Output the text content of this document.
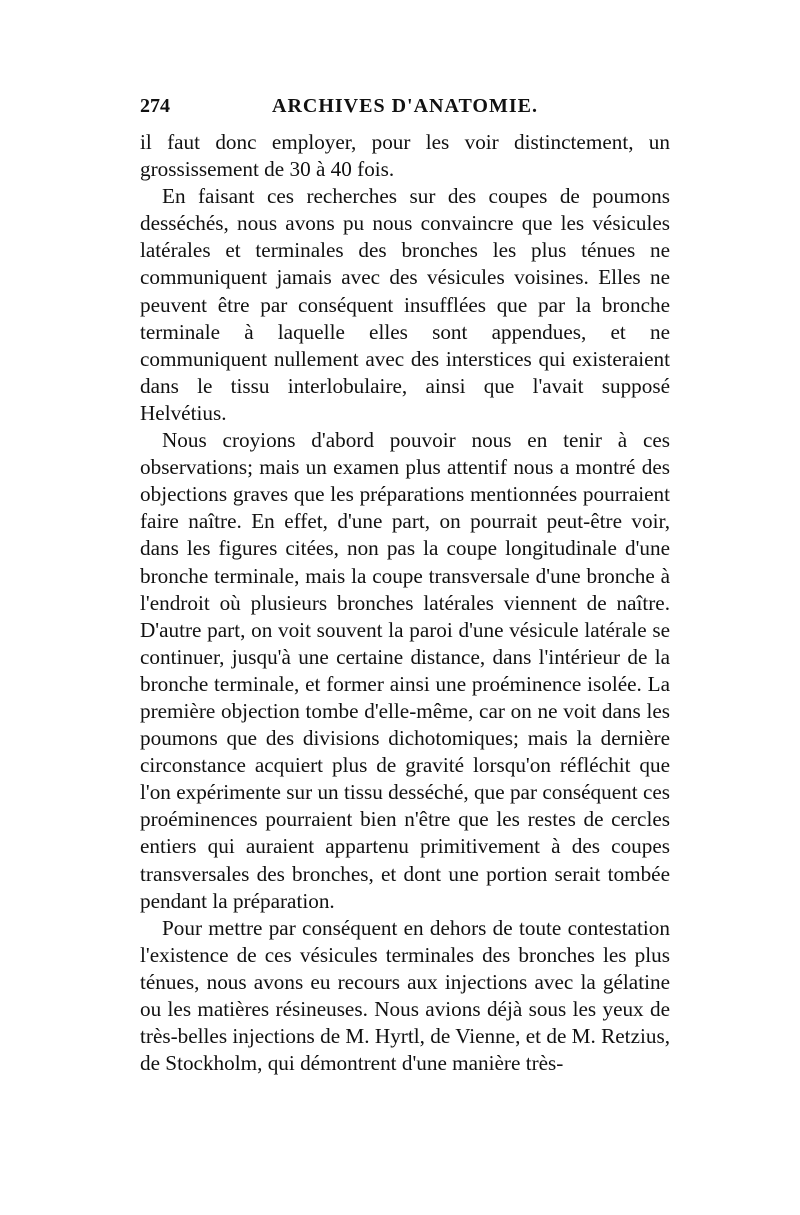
274	ARCHIVES D'ANATOMIE.

il faut donc employer, pour les voir distinctement, un grossissement de 30 à 40 fois.

En faisant ces recherches sur des coupes de poumons desséchés, nous avons pu nous convaincre que les vésicules latérales et terminales des bronches les plus ténues ne communiquent jamais avec des vésicules voisines. Elles ne peuvent être par conséquent insufflées que par la bronche terminale à laquelle elles sont appendues, et ne communiquent nullement avec des interstices qui existeraient dans le tissu interlobulaire, ainsi que l'avait supposé Helvétius.

Nous croyions d'abord pouvoir nous en tenir à ces observations; mais un examen plus attentif nous a montré des objections graves que les préparations mentionnées pourraient faire naître. En effet, d'une part, on pourrait peut-être voir, dans les figures citées, non pas la coupe longitudinale d'une bronche terminale, mais la coupe transversale d'une bronche à l'endroit où plusieurs bronches latérales viennent de naître. D'autre part, on voit souvent la paroi d'une vésicule latérale se continuer, jusqu'à une certaine distance, dans l'intérieur de la bronche terminale, et former ainsi une proéminence isolée. La première objection tombe d'elle-même, car on ne voit dans les poumons que des divisions dichotomiques; mais la dernière circonstance acquiert plus de gravité lorsqu'on réfléchit que l'on expérimente sur un tissu desséché, que par conséquent ces proéminences pourraient bien n'être que les restes de cercles entiers qui auraient appartenu primitivement à des coupes transversales des bronches, et dont une portion serait tombée pendant la préparation.

Pour mettre par conséquent en dehors de toute contestation l'existence de ces vésicules terminales des bronches les plus ténues, nous avons eu recours aux injections avec la gélatine ou les matières résineuses. Nous avions déjà sous les yeux de très-belles injections de M. Hyrtl, de Vienne, et de M. Retzius, de Stockholm, qui démontrent d'une manière très-
